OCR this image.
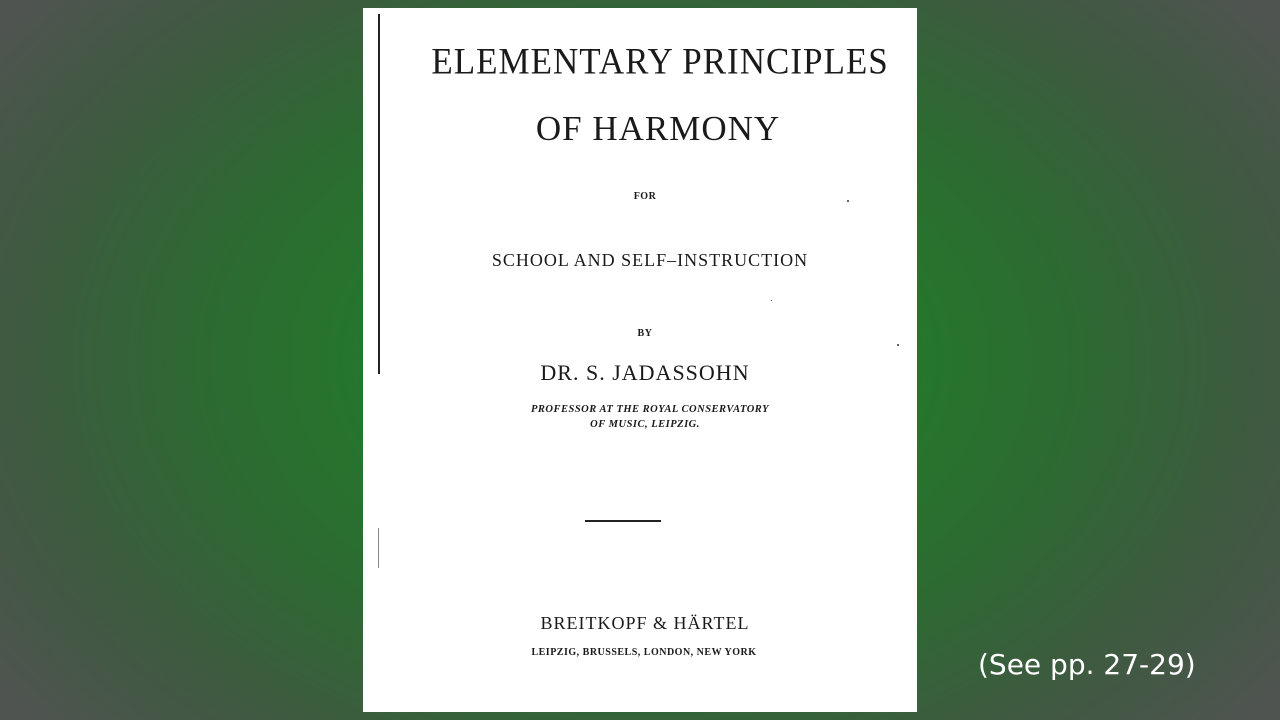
ELEMENTARY PRINCIPLES
OF HARMONY
FOR
SCHOOL AND SELF–INSTRUCTION
BY
DR. S. JADASSOHN
PROFESSOR AT THE ROYAL CONSERVATORY
OF MUSIC, LEIPZIG.
BREITKOPF & HÄRTEL
LEIPZIG, BRUSSELS, LONDON, NEW YORK	(See pp. 27-29)
